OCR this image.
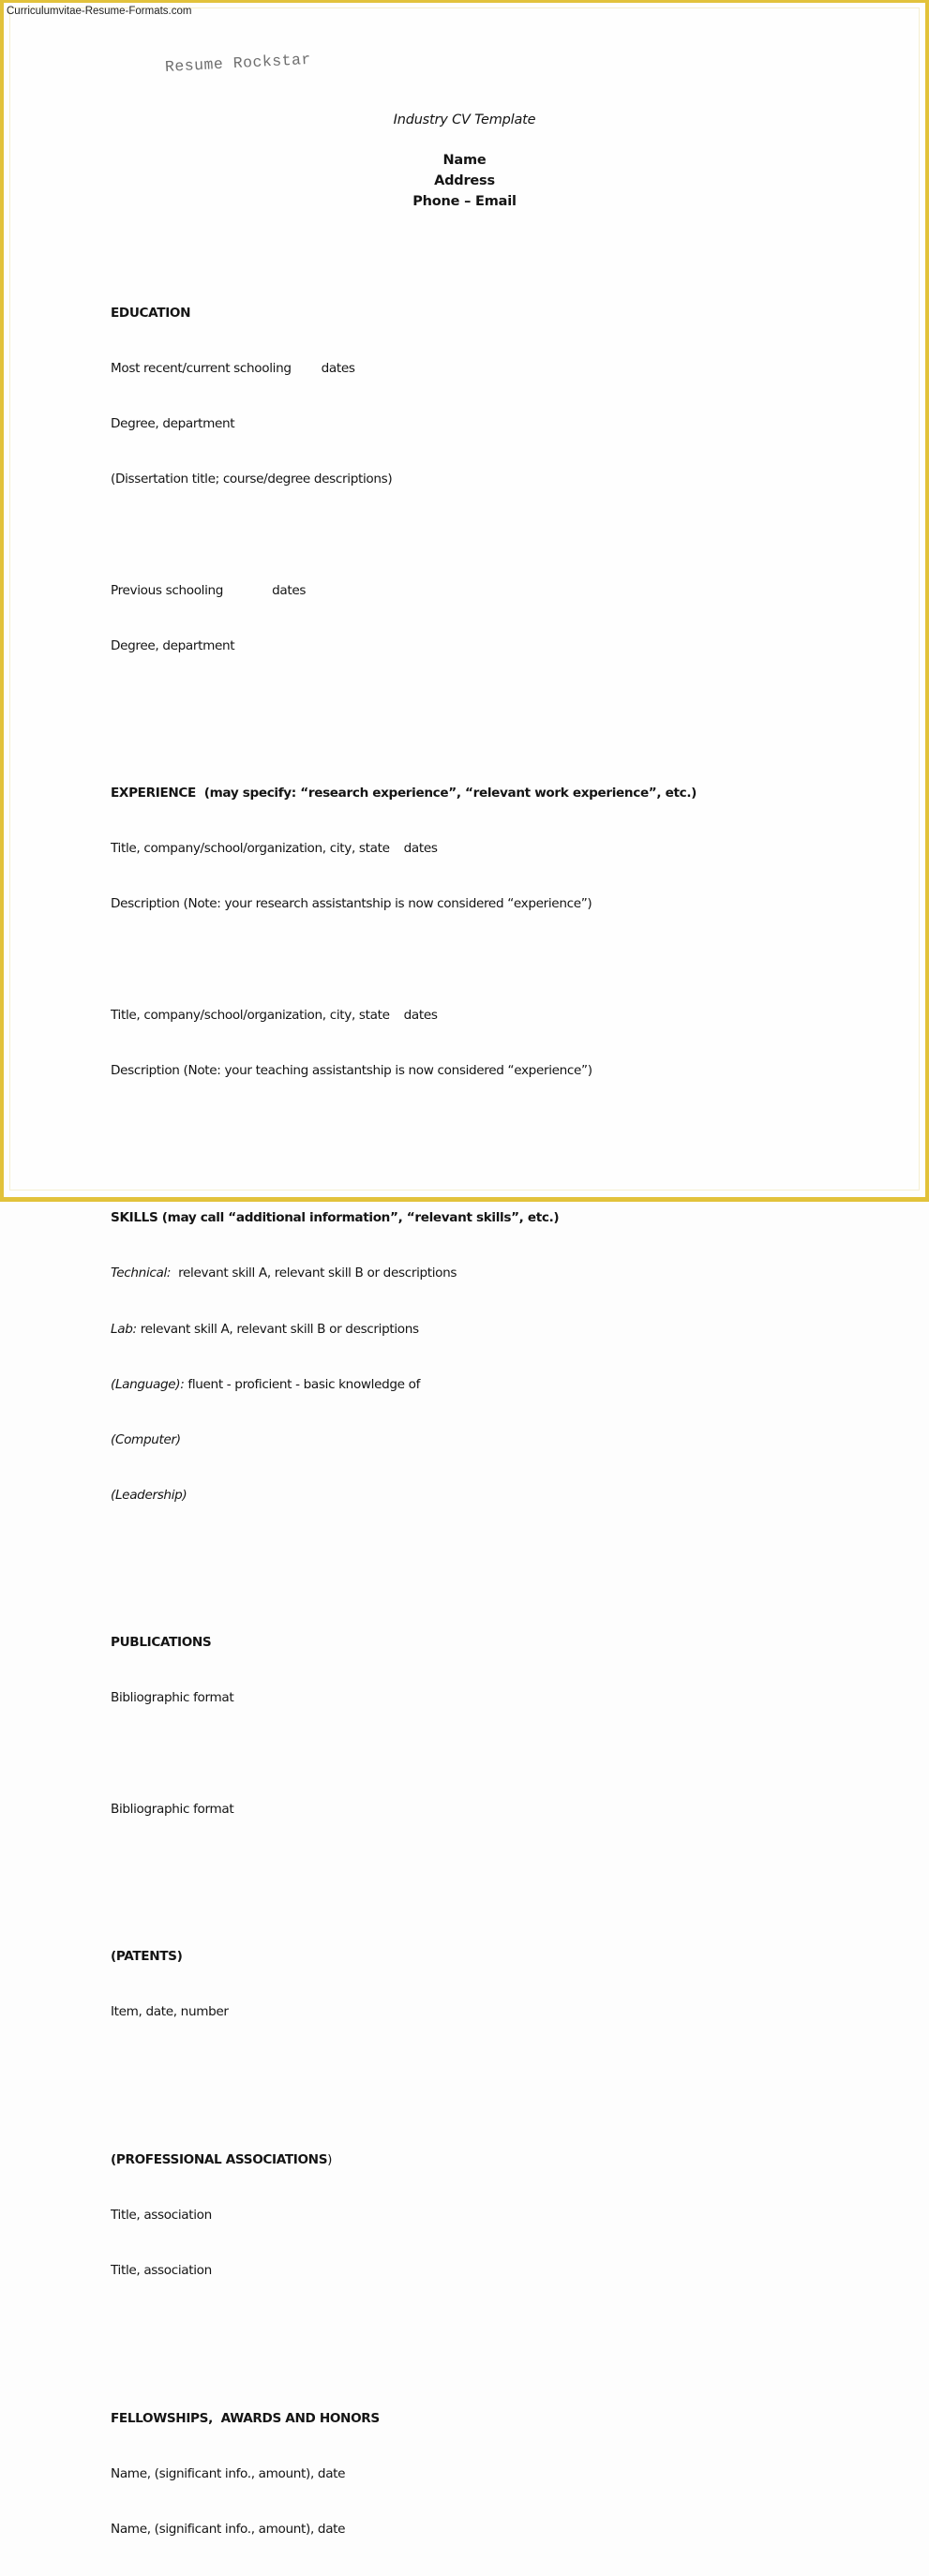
Curriculumvitae-Resume-Formats.com
Resume Rockstar
Industry CV Template
Name
Address
Phone – Email

EDUCATION

Most recent/current schooling dates

Degree, department

(Dissertation title; course/degree descriptions)

Previous schooling	dates

Degree, department

EXPERIENCE  (may specify: “research experience”, “relevant work experience”, etc.)

Title, company/school/organization, city, state dates

Description (Note: your research assistantship is now considered “experience”)

Title, company/school/organization, city, state dates

Description (Note: your teaching assistantship is now considered “experience”)

SKILLS (may call “additional information”, “relevant skills”, etc.)

Technical:  relevant skill A, relevant skill B or descriptions

Lab: relevant skill A, relevant skill B or descriptions

(Language): fluent - proficient - basic knowledge of

(Computer)

(Leadership)

PUBLICATIONS

Bibliographic format

Bibliographic format

(PATENTS)

Item, date, number

(PROFESSIONAL ASSOCIATIONS)

Title, association

Title, association

FELLOWSHIPS,  AWARDS AND HONORS

Name, (significant info., amount), date

Name, (significant info., amount), date
